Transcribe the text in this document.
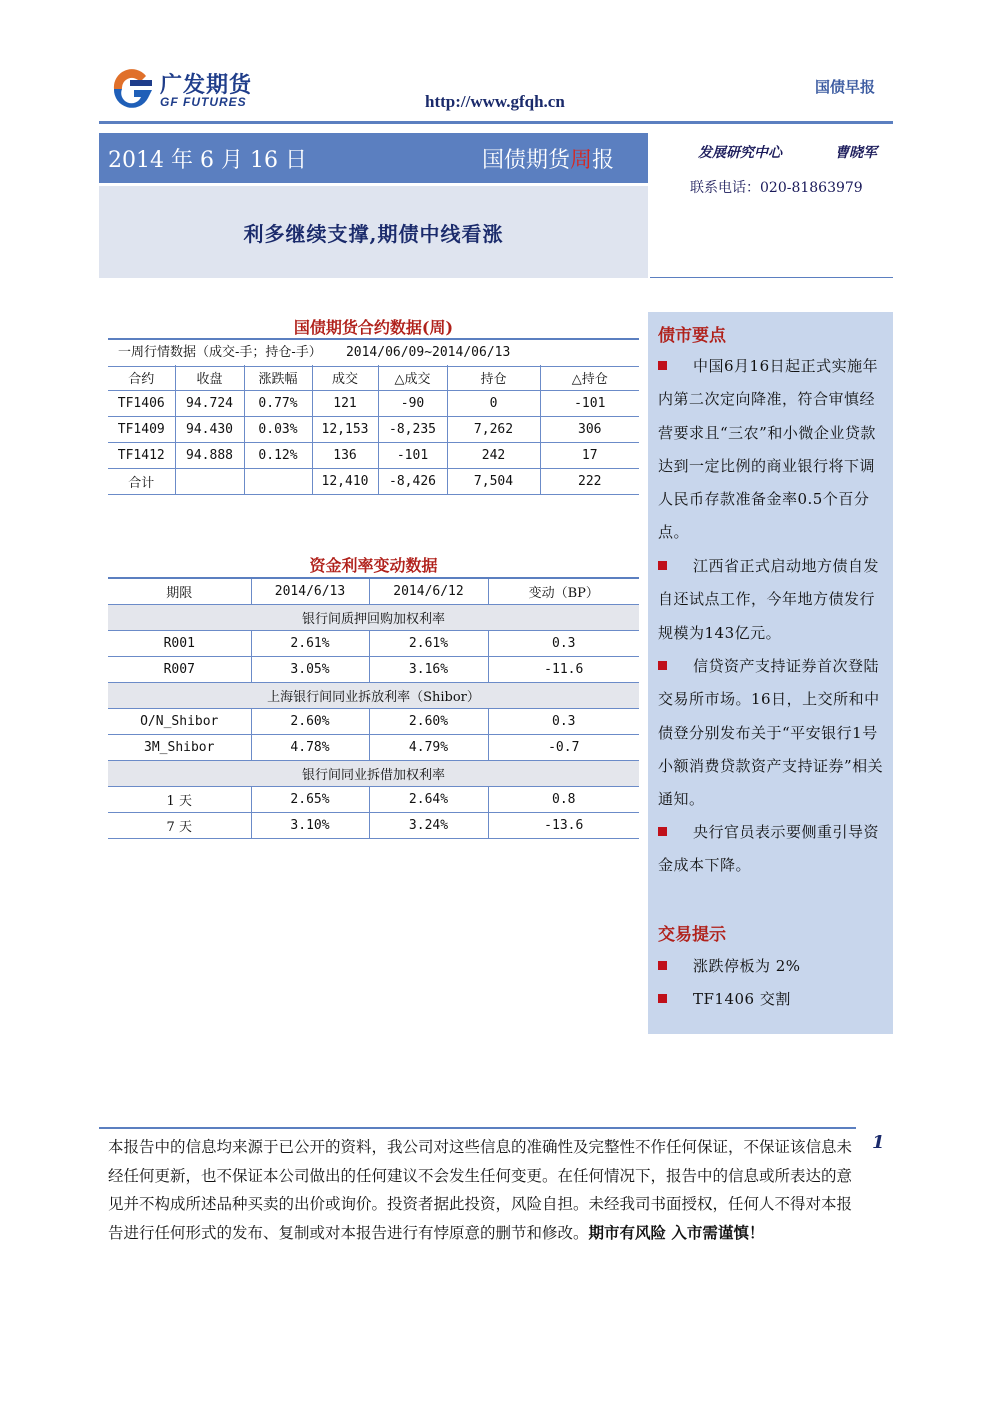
广发期货
GF FUTURES	http://www.gfqh.cn
国债早报
2014 年 6 月 16 日	国债期货周报
利多继续支撑,期债中线看涨
发展研究中心	曹晓军
联系电话：020-81863979
国债期货合约数据(周)
一周行情数据（成交-手；持仓-手） 2014/06/09~2014/06/13
合约	收盘	涨跌幅	成交	△成交	持仓	△持仓
TF1406	94.724	0.77%	121	-90	0	-101
TF1409	94.430	0.03%	12,153	-8,235	7,262	306
TF1412	94.888	0.12%	136	-101	242	17
合计			12,410	-8,426	7,504	222
资金利率变动数据
期限	2014/6/13	2014/6/12	变动（BP）
银行间质押回购加权利率			
R001	2.61%	2.61%	0.3
R007	3.05%	3.16%	-11.6
上海银行间同业拆放利率（Shibor）			
O/N_Shibor	2.60%	2.60%	0.3
3M_Shibor	4.78%	4.79%	-0.7
银行间同业拆借加权利率			
1 天	2.65%	2.64%	0.8
7 天	3.10%	3.24%	-13.6
债市要点
中国6月16日起正式实施年内第二次定向降准，符合审慎经营要求且“三农”和小微企业贷款达到一定比例的商业银行将下调人民币存款准备金率0.5个百分点。
江西省正式启动地方债自发自还试点工作，今年地方债发行规模为143亿元。
信贷资产支持证券首次登陆交易所市场。16日，上交所和中债登分别发布关于“平安银行1号小额消费贷款资产支持证券”相关通知。
央行官员表示要侧重引导资金成本下降。
交易提示
涨跌停板为 2%
TF1406 交割
1
本报告中的信息均来源于已公开的资料，我公司对这些信息的准确性及完整性不作任何保证，不保证该信息未经任何更新，也不保证本公司做出的任何建议不会发生任何变更。在任何情况下，报告中的信息或所表达的意见并不构成所述品种买卖的出价或询价。投资者据此投资，风险自担。未经我司书面授权，任何人不得对本报告进行任何形式的发布、复制或对本报告进行有悖原意的删节和修改。期市有风险 入市需谨慎！
